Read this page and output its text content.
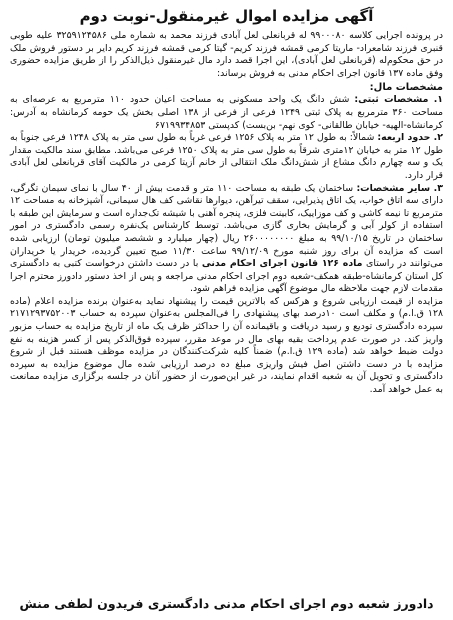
آگهی مزایده اموال غیرمنقول-نوبت دوم

در پرونده اجرایی کلاسه ۹۹۰۰۰۸۰ له قربانعلی لعل آبادی فرزند محمد به شماره ملی ۳۲۵۹۱۲۴۵۸۶ علیه طوبی قنبری فرزند شامعراد- ماریتا کرمی قمشه فرزند کریم- گیتا کرمی قمشه فرزند کریم دایر بر دستور فروش ملک در حق محکوم‌له (قربانعلی لعل آبادی)، این اجرا قصد دارد مال غیرمنقول ذیل‌الذکر را از طریق مزایده حضوری وفق ماده ۱۳۷ قانون اجرای احکام مدنی به فروش برساند:

مشخصات مال:

۱. مشخصات ثبتی: شش دانگ یک واحد مسکونی به مساحت اعیان حدود ۱۱۰ مترمربع به عرصه‌ای به مساحت ۳۶۰ مترمربع به پلاک ثبتی ۱۲۴۹ فرعی از فرعی از ۱۳۸ اصلی بخش یک حومه کرمانشاه به آدرس: کرمانشاه-الهیه- خیابان طالقانی- کوی نهم- بن‌بست) کدپستی ۶۷۱۹۹۳۴۸۵۳

۲. حدود اربعه: شمالاً: به طول ۱۲ متر به پلاک ۱۲۵۶ فرعی غرباً به طول سی متر به پلاک ۱۲۴۸ فرعی جنوباً به طول ۱۲ متر به خیابان ۱۲متری شرقاً به طول سی متر به پلاک ۱۲۵۰ فرعی می‌باشد. مطابق سند مالکیت مقدار یک و سه چهارم دانگ مشاع از شش‌دانگ ملک انتقالی از خانم آزیتا کرمی در مالکیت آقای قربانعلی لعل آبادی قرار دارد.

۳. سایر مشخصات: ساختمان یک طبقه به مساحت ۱۱۰ متر و قدمت بیش از ۴۰ سال با نمای سیمان تگرگی، دارای سه اتاق خواب، یک اتاق پذیرایی، سقف تیرآهن، دیوارها نقاشی کف هال سیمانی، آشپزخانه به مساحت ۱۲ مترمربع تا نیمه کاشی و کف موزاییک، کابینت فلزی، پنجره آهنی با شیشه تک‌جداره است و سرمایش این طبقه با استفاده از کولر آبی و گرمایش بخاری گازی می‌باشد. توسط کارشناس یک‌نفره رسمی دادگستری در امور ساختمان در تاریخ ۹۹/۱۰/۱۵ به مبلغ ۲۶۰۰۰۰۰۰۰۰ ریال (چهار میلیارد و ششصد میلیون تومان) ارزیابی شده است که مزایده آن برای روز شنبه مورخ ۹۹/۱۲/۰۹ ساعت ۱۱/۳۰ صبح تعیین گردیده، خریدار یا خریداران می‌توانند در راستای ماده ۱۲۶ قانون اجرای احکام مدنی با در دست داشتن درخواست کتبی به دادگستری کل استان کرمانشاه-طبقه همکف-شعبه دوم اجرای احکام مدنی مراجعه و پس از اخذ دستور دادورز محترم اجرا مقدمات لازم جهت ملاحظه مال موضوع آگهی مزایده فراهم شود.

مزایده از قیمت ارزیابی شروع و هرکس که بالاترین قیمت را پیشنهاد نماید به‌عنوان برنده مزایده اعلام (ماده ۱۲۸ ق.ا.م) و مکلف است ۱۰درصد بهای پیشنهادی را فی‌المجلس به‌عنوان سپرده به حساب ۲۱۷۱۲۹۳۷۵۲۰۰۳ سپرده دادگستری تودیع و رسید دریافت و باقیمانده آن را حداکثر ظرف یک ماه از تاریخ مزایده به حساب مزبور واریز کند. در صورت عدم پرداخت بقیه بهای مال در موعد مقرر، سپرده فوق‌الذکر پس از کسر هزینه به نفع دولت ضبط خواهد شد (ماده ۱۲۹ ق.ا.م) ضمناً کلیه شرکت‌کنندگان در مزایده موظف هستند قبل از شروع مزایده با در دست داشتن اصل فیش واریزی مبلغ ده درصد ارزیابی شده مال موضوع مزایده به سپرده دادگستری و تحویل آن به شعبه اقدام نمایند، در غیر این‌صورت از حضور آنان در جلسه برگزاری مزایده ممانعت به عمل خواهد آمد.

دادورز شعبه دوم اجرای احکام مدنی دادگستری فریدون لطفی منش
